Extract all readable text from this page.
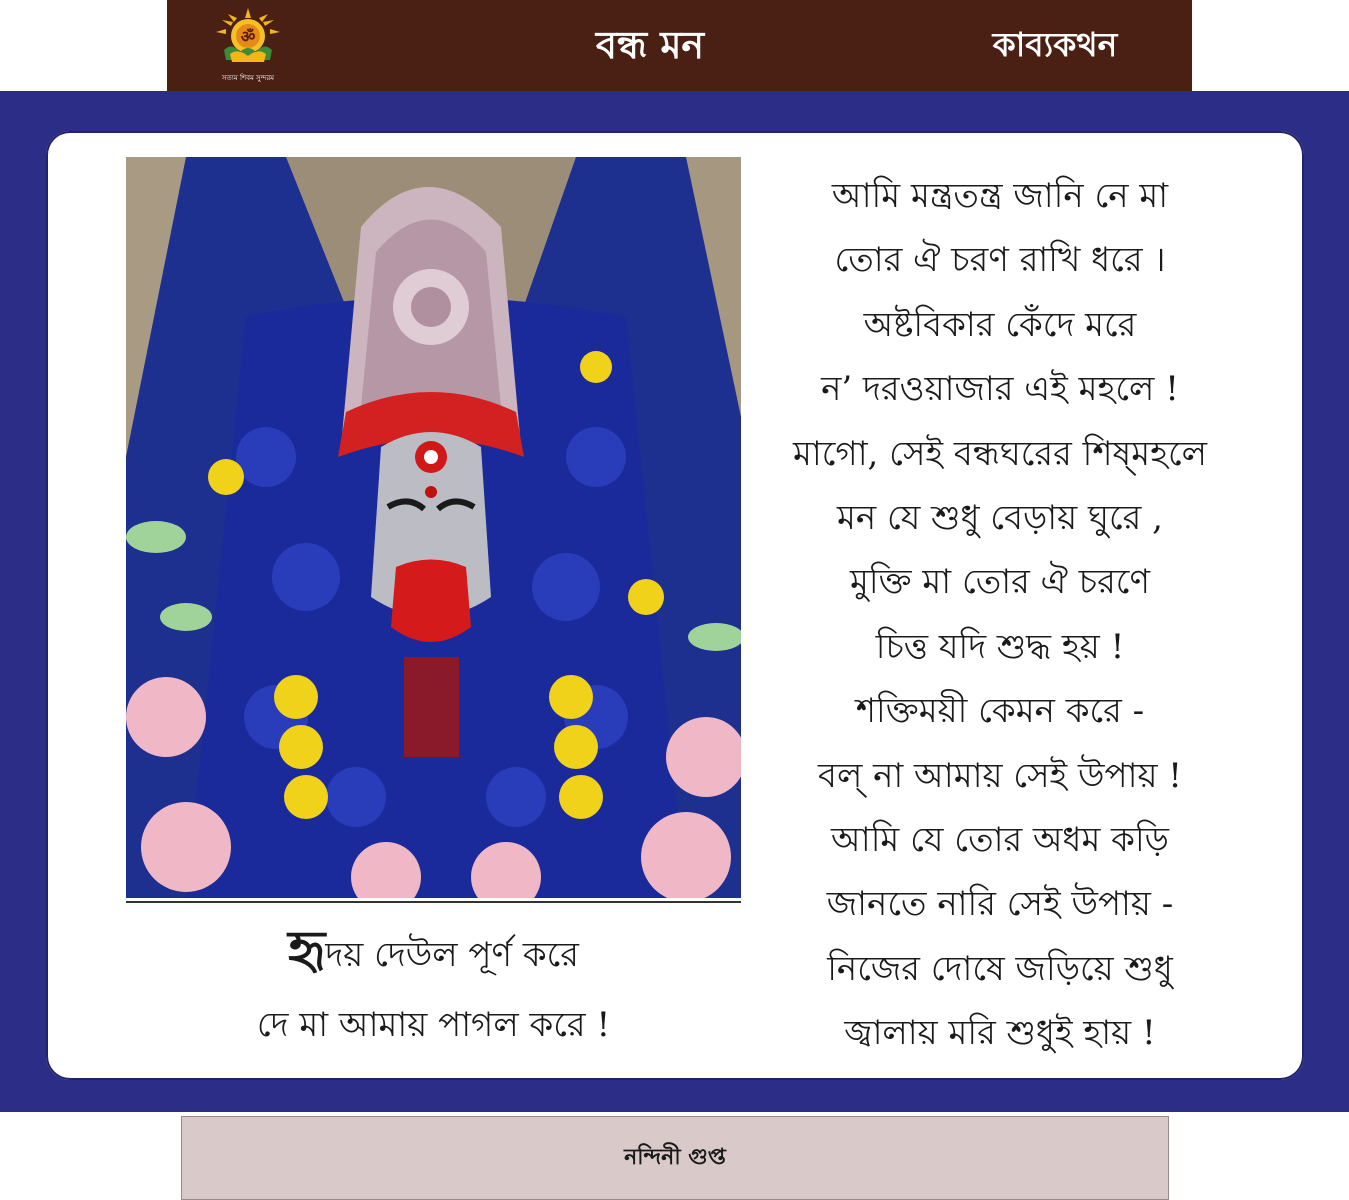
ॐ
সত্যম শিবম সুন্দরম
বন্ধ মন	কাব্যকথন
হৃদয় দেউল পূর্ণ করে
দে মা আমায় পাগল করে !
আমি মন্ত্রতন্ত্র জানি নে মা
তোর ঐ চরণ রাখি ধরে ।
অষ্টবিকার কেঁদে মরে
ন’ দরওয়াজার এই মহলে !
মাগো, সেই বন্ধঘরের শিষ্‌মহলে
মন যে শুধু বেড়ায় ঘুরে ,
মুক্তি মা তোর ঐ চরণে
চিত্ত যদি শুদ্ধ হয় !
শক্তিময়ী কেমন করে -
বল্‌ না আমায় সেই উপায় !
আমি যে তোর অধম কড়ি
জানতে নারি সেই উপায় -
নিজের দোষে জড়িয়ে শুধু
জ্বালায় মরি শুধুই হায় !
নন্দিনী গুপ্ত
